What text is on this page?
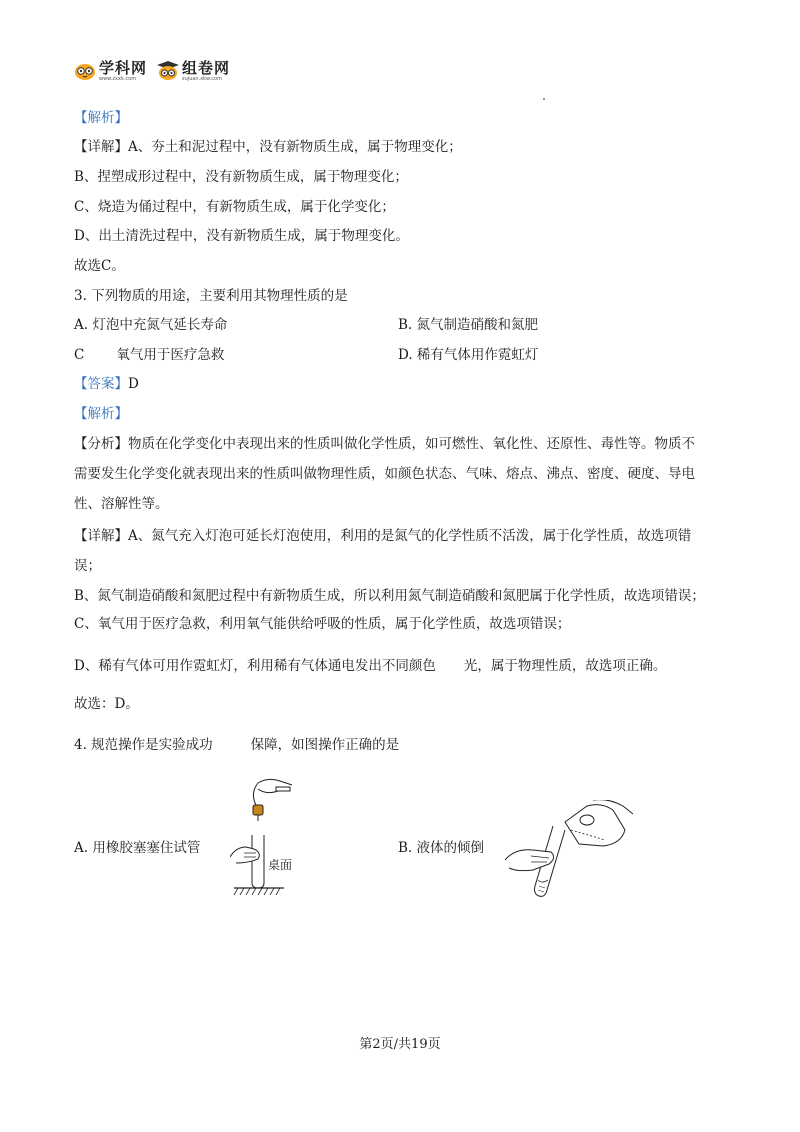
学科网
www.zxxk.com
组卷网
zujuan.xkw.com
【解析】
【详解】A、夯土和泥过程中，没有新物质生成，属于物理变化；
B、捏塑成形过程中，没有新物质生成，属于物理变化；
C、烧造为俑过程中，有新物质生成，属于化学变化；
D、出土清洗过程中，没有新物质生成，属于物理变化。
故选C。
3. 下列物质的用途，主要利用其物理性质的是
A. 灯泡中充氮气延长寿命	B. 氮气制造硝酸和氮肥
C 氧气用于医疗急救	D. 稀有气体用作霓虹灯
【答案】D
【解析】
【分析】物质在化学变化中表现出来的性质叫做化学性质，如可燃性、氧化性、还原性、毒性等。物质不
需要发生化学变化就表现出来的性质叫做物理性质，如颜色状态、气味、熔点、沸点、密度、硬度、导电
性、溶解性等。
【详解】A、氮气充入灯泡可延长灯泡使用，利用的是氮气的化学性质不活泼，属于化学性质，故选项错
误；
B、氮气制造硝酸和氮肥过程中有新物质生成，所以利用氮气制造硝酸和氮肥属于化学性质，故选项错误；
C、氧气用于医疗急救，利用氧气能供给呼吸的性质，属于化学性质，故选项错误；
D、稀有气体可用作霓虹灯，利用稀有气体通电发出不同颜色 光，属于物理性质，故选项正确。
故选：D。
4. 规范操作是实验成功	保障，如图操作正确的是
A. 用橡胶塞塞住试管	B. 液体的倾倒
桌面
第2页/共19页
